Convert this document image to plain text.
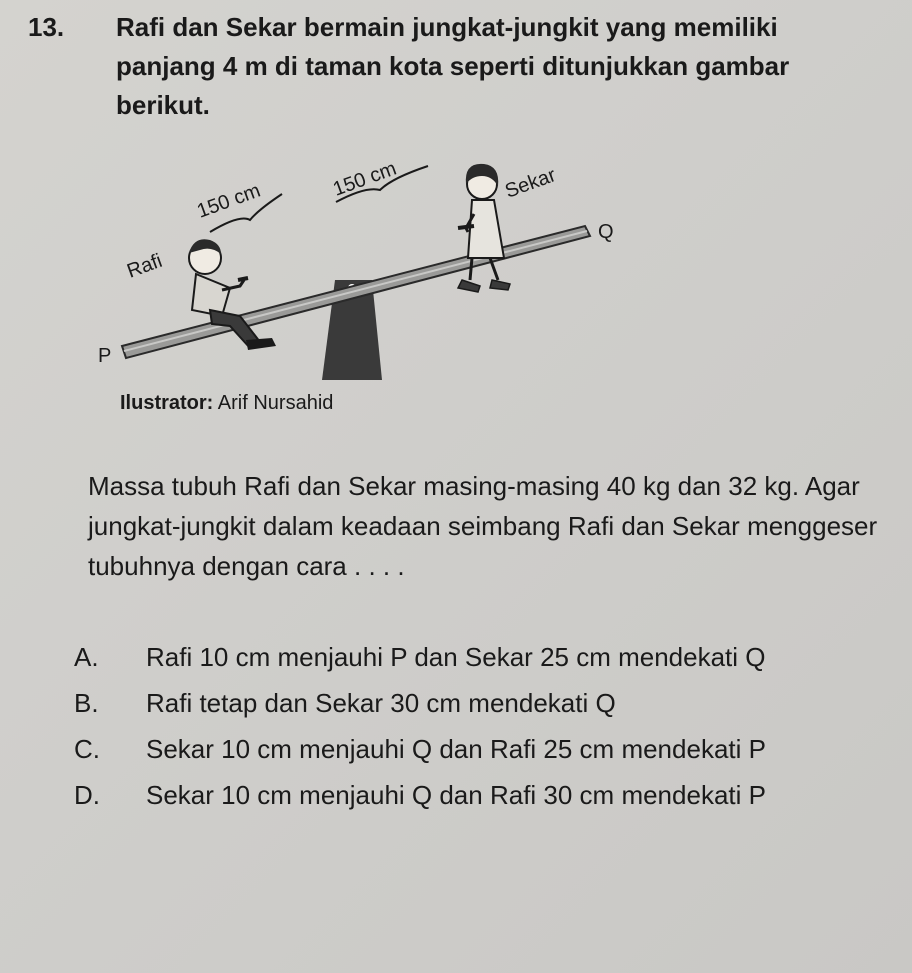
13. Rafi dan Sekar bermain jungkat-jungkit yang memiliki panjang 4 m di taman kota seperti ditunjukkan gambar berikut.
150 cm
150 cm
Rafi
Sekar
P
Q
Ilustrator: Arif Nursahid
Massa tubuh Rafi dan Sekar masing-masing 40 kg dan 32 kg. Agar jungkat-jungkit dalam keadaan seimbang Rafi dan Sekar menggeser tubuhnya dengan cara . . . .
A. Rafi 10 cm menjauhi P dan Sekar 25 cm mendekati Q
B. Rafi tetap dan Sekar 30 cm mendekati Q
C. Sekar 10 cm menjauhi Q dan Rafi 25 cm mendekati P
D. Sekar 10 cm menjauhi Q dan Rafi 30 cm mendekati P
